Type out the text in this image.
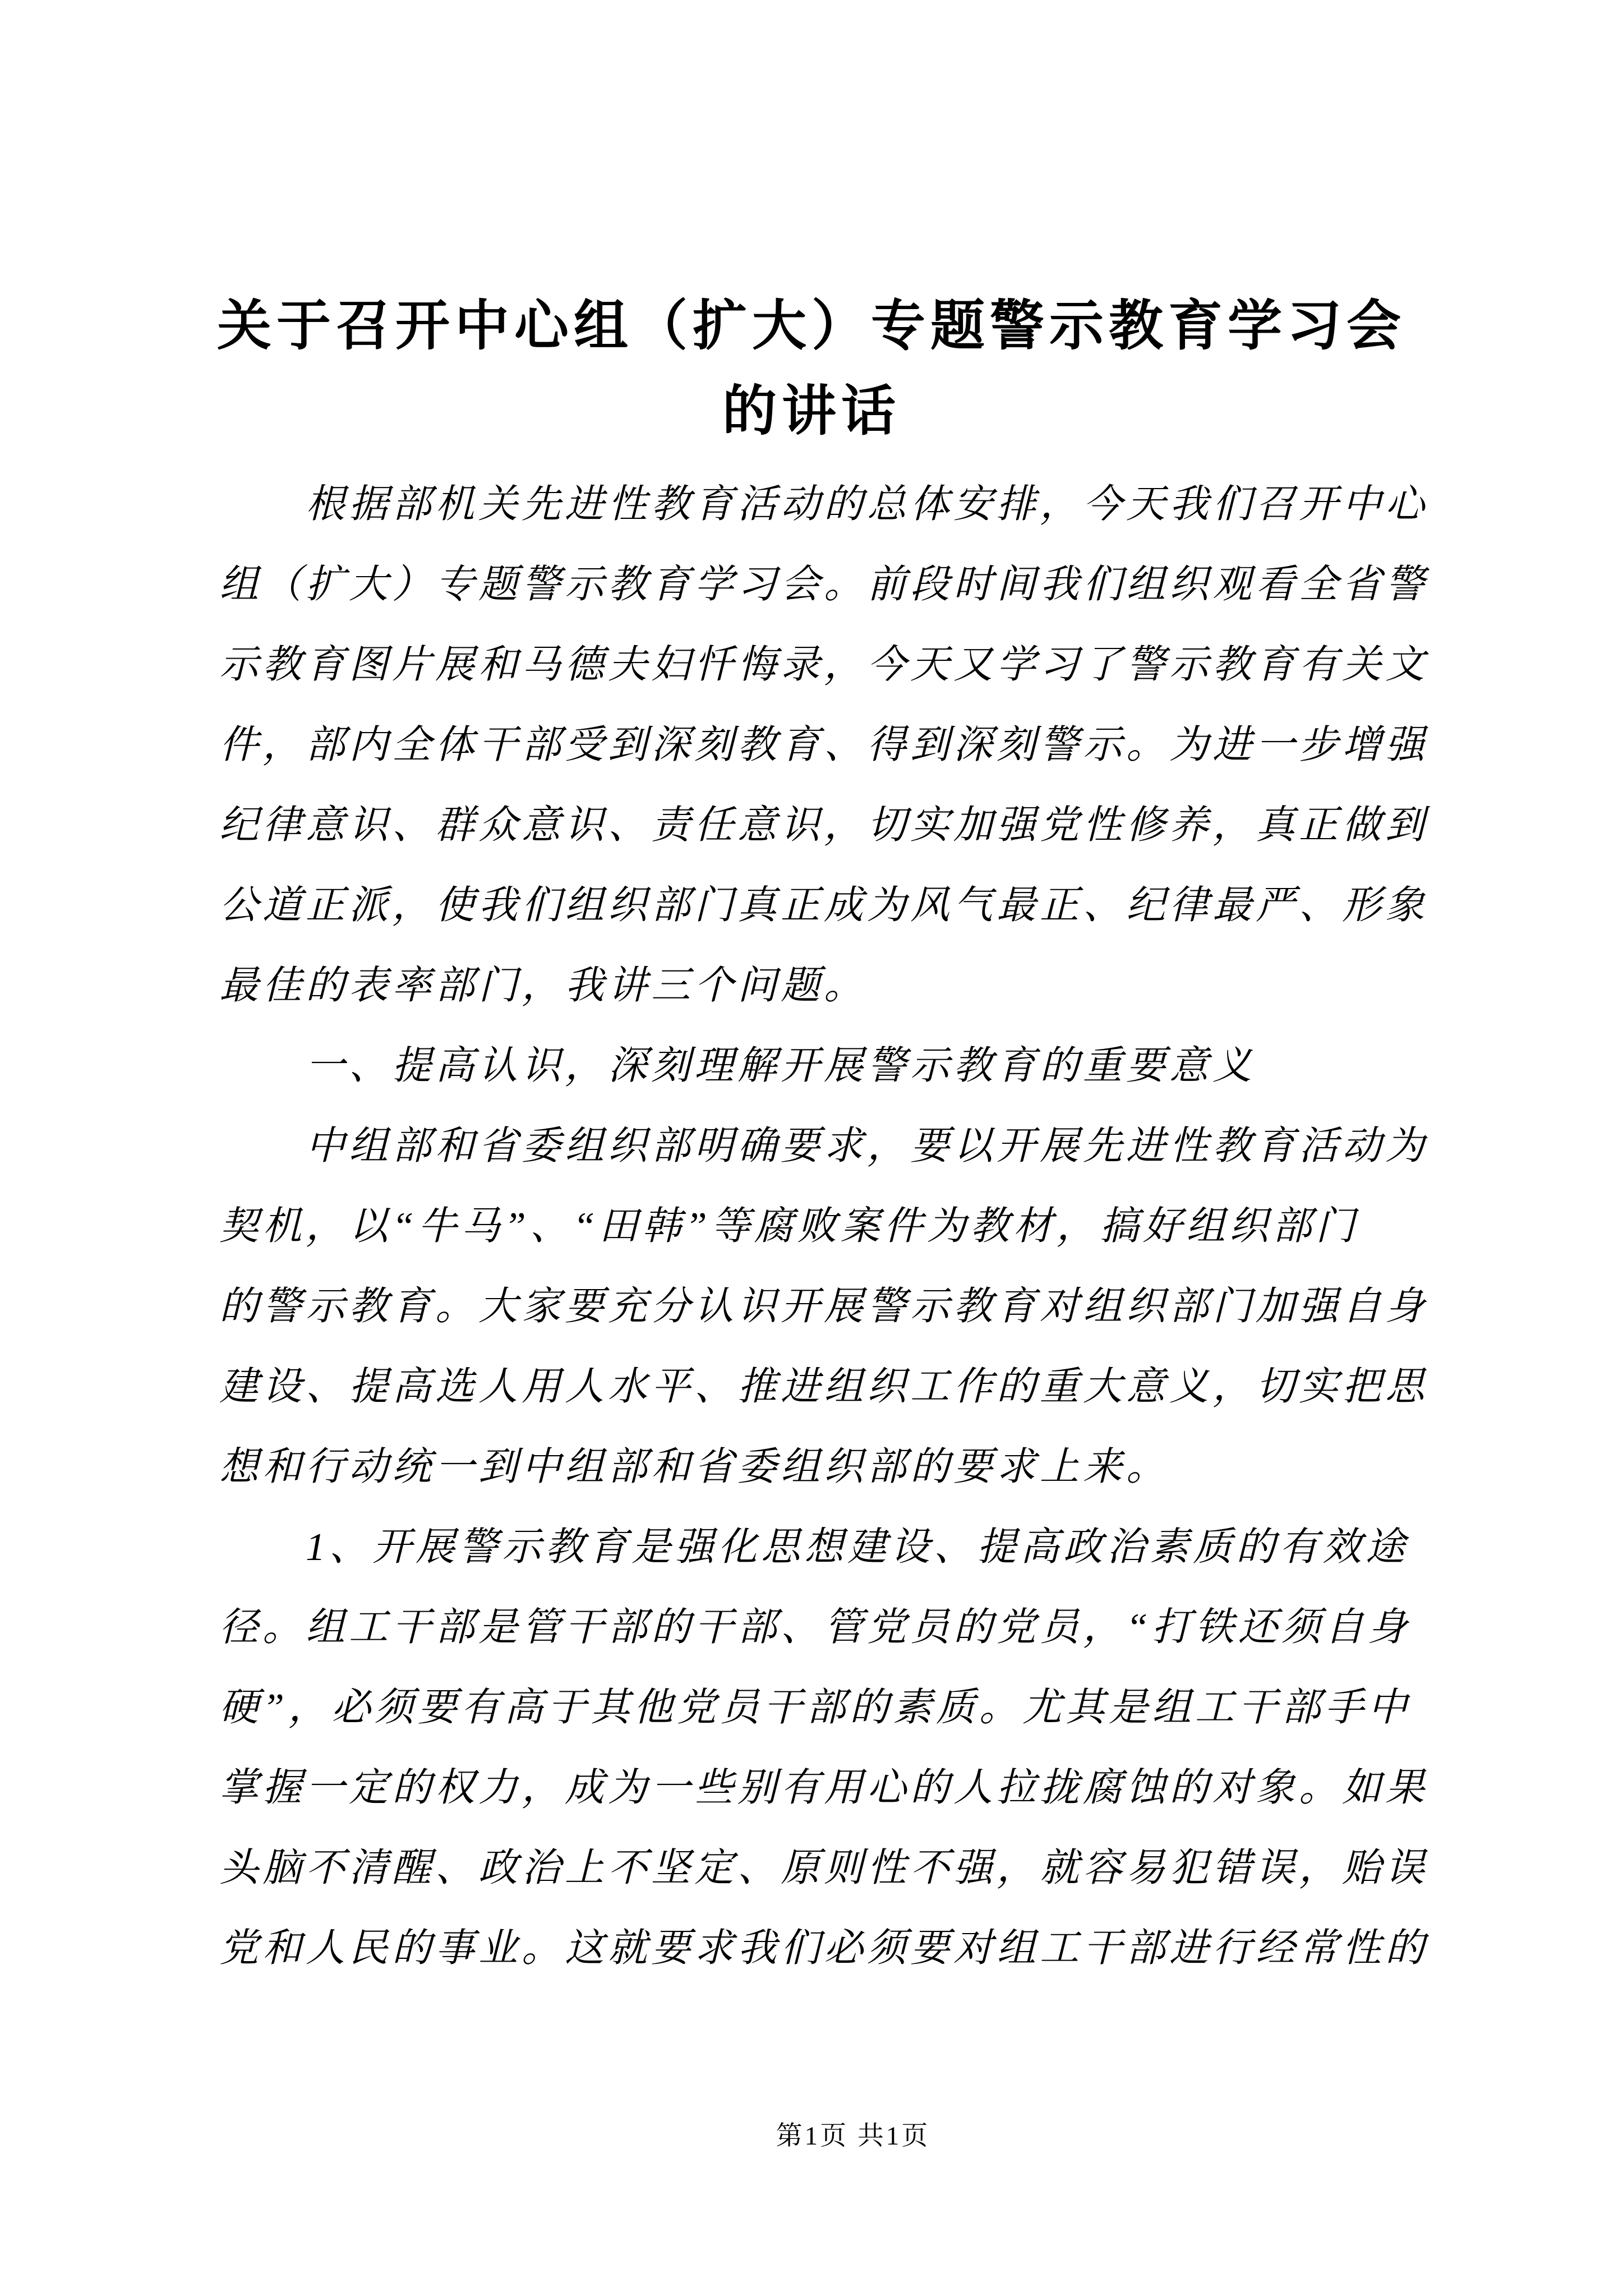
关于召开中心组（扩大）专题警示教育学习会
的讲话
　　根据部机关先进性教育活动的总体安排，今天我们召开中心
组（扩大）专题警示教育学习会。前段时间我们组织观看全省警
示教育图片展和马德夫妇忏悔录，今天又学习了警示教育有关文
件，部内全体干部受到深刻教育、得到深刻警示。为进一步增强
纪律意识、群众意识、责任意识，切实加强党性修养，真正做到
公道正派，使我们组织部门真正成为风气最正、纪律最严、形象
最佳的表率部门，我讲三个问题。
　　一、提高认识，深刻理解开展警示教育的重要意义
　　中组部和省委组织部明确要求，要以开展先进性教育活动为
契机，以“牛马”、“田韩”等腐败案件为教材，搞好组织部门
的警示教育。大家要充分认识开展警示教育对组织部门加强自身
建设、提高选人用人水平、推进组织工作的重大意义，切实把思
想和行动统一到中组部和省委组织部的要求上来。
　　1、开展警示教育是强化思想建设、提高政治素质的有效途
径。组工干部是管干部的干部、管党员的党员，“打铁还须自身
硬”，必须要有高于其他党员干部的素质。尤其是组工干部手中
掌握一定的权力，成为一些别有用心的人拉拢腐蚀的对象。如果
头脑不清醒、政治上不坚定、原则性不强，就容易犯错误，贻误
党和人民的事业。这就要求我们必须要对组工干部进行经常性的
第1页 共1页
